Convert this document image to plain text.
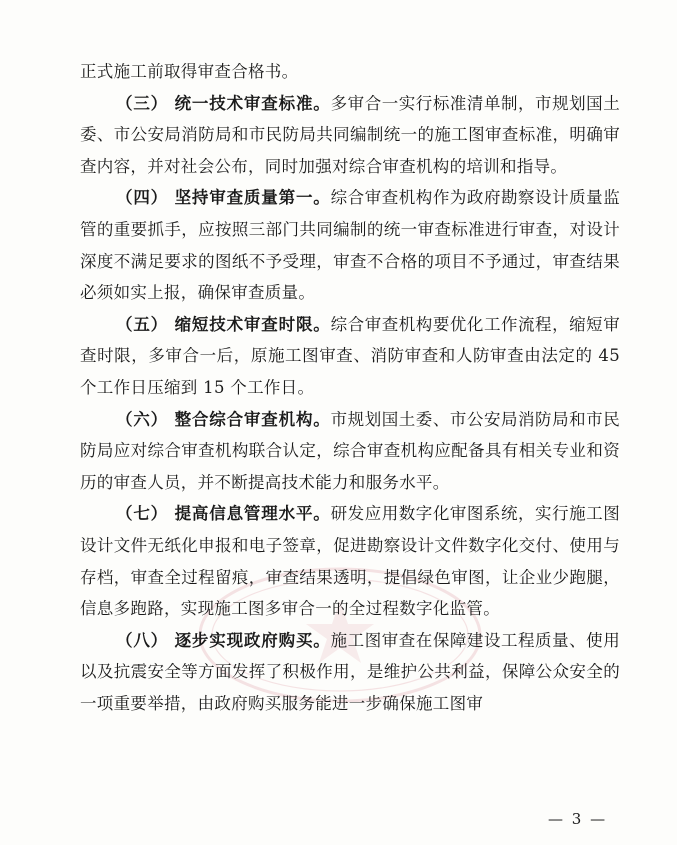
正式施工前取得审查合格书。

（三） 统一技术审查标准。多审合一实行标准清单制，市规划国土委、市公安局消防局和市民防局共同编制统一的施工图审查标准，明确审查内容，并对社会公布，同时加强对综合审查机构的培训和指导。

（四） 坚持审查质量第一。综合审查机构作为政府勘察设计质量监管的重要抓手，应按照三部门共同编制的统一审查标准进行审查，对设计深度不满足要求的图纸不予受理，审查不合格的项目不予通过，审查结果必须如实上报，确保审查质量。

（五） 缩短技术审查时限。综合审查机构要优化工作流程，缩短审查时限，多审合一后，原施工图审查、消防审查和人防审查由法定的 45 个工作日压缩到 15 个工作日。

（六） 整合综合审查机构。市规划国土委、市公安局消防局和市民防局应对综合审查机构联合认定，综合审查机构应配备具有相关专业和资历的审查人员，并不断提高技术能力和服务水平。

（七） 提高信息管理水平。研发应用数字化审图系统，实行施工图设计文件无纸化申报和电子签章，促进勘察设计文件数字化交付、使用与存档，审查全过程留痕，审查结果透明，提倡绿色审图，让企业少跑腿，信息多跑路，实现施工图多审合一的全过程数字化监管。

（八） 逐步实现政府购买。施工图审查在保障建设工程质量、使用以及抗震安全等方面发挥了积极作用，是维护公共利益，保障公众安全的一项重要举措，由政府购买服务能进一步确保施工图审

— 3 —
